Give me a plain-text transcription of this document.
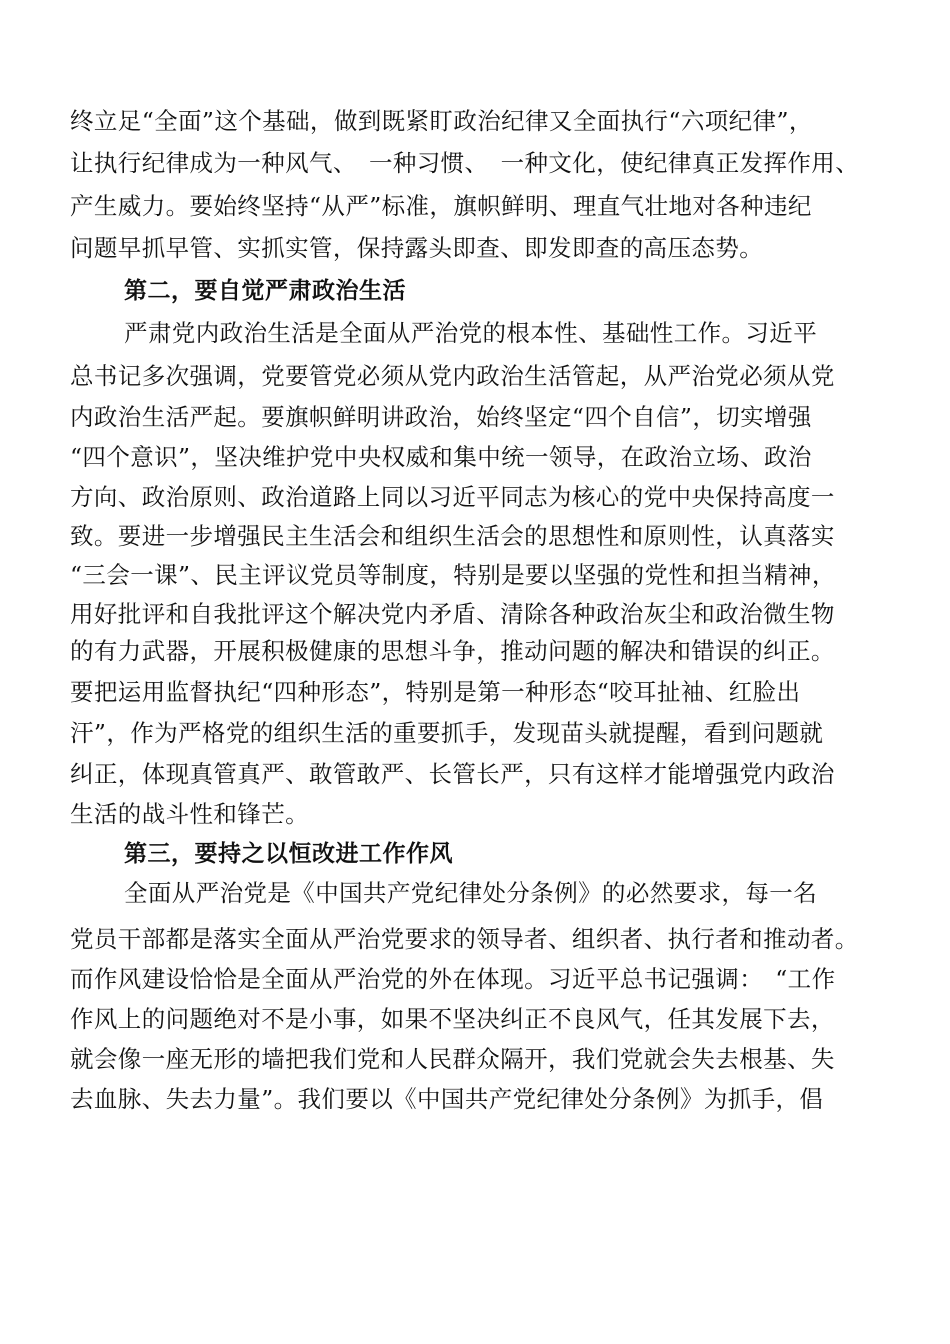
终立足“全面”这个基础，做到既紧盯政治纪律又全面执行“六项纪律”，
让执行纪律成为一种风气、　一种习惯、　一种文化，使纪律真正发挥作用、
产生威力。要始终坚持“从严”标准，旗帜鲜明、理直气壮地对各种违纪
问题早抓早管、实抓实管，保持露头即查、即发即查的高压态势。
第二，要自觉严肃政治生活
严肃党内政治生活是全面从严治党的根本性、基础性工作。习近平
总书记多次强调，党要管党必须从党内政治生活管起，从严治党必须从党
内政治生活严起。要旗帜鲜明讲政治，始终坚定“四个自信”，切实增强
“四个意识”，坚决维护党中央权威和集中统一领导，在政治立场、政治
方向、政治原则、政治道路上同以习近平同志为核心的党中央保持高度一
致。要进一步增强民主生活会和组织生活会的思想性和原则性，认真落实
“三会一课”、民主评议党员等制度，特别是要以坚强的党性和担当精神，
用好批评和自我批评这个解决党内矛盾、清除各种政治灰尘和政治微生物
的有力武器，开展积极健康的思想斗争，推动问题的解决和错误的纠正。
要把运用监督执纪“四种形态”，特别是第一种形态“咬耳扯袖、红脸出
汗”，作为严格党的组织生活的重要抓手，发现苗头就提醒，看到问题就
纠正，体现真管真严、敢管敢严、长管长严，只有这样才能增强党内政治
生活的战斗性和锋芒。
第三，要持之以恒改进工作作风
全面从严治党是《中国共产党纪律处分条例》的必然要求，每一名
党员干部都是落实全面从严治党要求的领导者、组织者、执行者和推动者。
而作风建设恰恰是全面从严治党的外在体现。习近平总书记强调：　“工作
作风上的问题绝对不是小事，如果不坚决纠正不良风气，任其发展下去，
就会像一座无形的墙把我们党和人民群众隔开，我们党就会失去根基、失
去血脉、失去力量”。我们要以《中国共产党纪律处分条例》为抓手，倡
